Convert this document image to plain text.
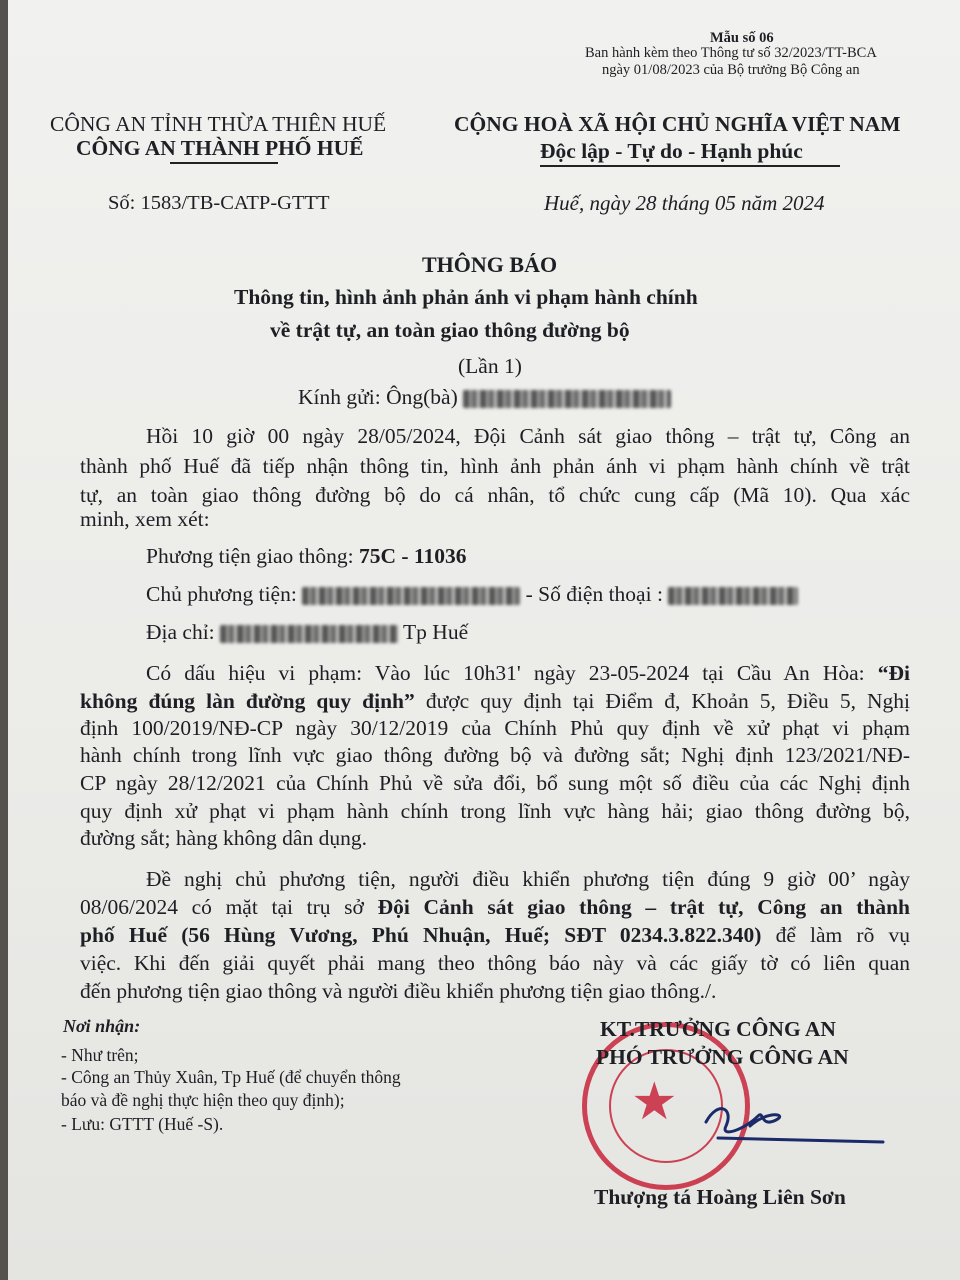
Mẫu số 06
Ban hành kèm theo Thông tư số 32/2023/TT-BCA
ngày 01/08/2023 của Bộ trưởng Bộ Công an
CÔNG AN TỈNH THỪA THIÊN HUẾ
CÔNG AN THÀNH PHỐ HUẾ
Số: 1583/TB-CATP-GTTT
CỘNG HOÀ XÃ HỘI CHỦ NGHĨA VIỆT NAM
Độc lập - Tự do - Hạnh phúc
Huế, ngày 28 tháng 05 năm 2024
THÔNG BÁO
Thông tin, hình ảnh phản ánh vi phạm hành chính
về trật tự, an toàn giao thông đường bộ
(Lần 1)
Kính gửi: Ông(bà)
Hồi 10 giờ 00 ngày 28/05/2024, Đội Cảnh sát giao thông – trật tự, Công an
thành phố Huế đã tiếp nhận thông tin, hình ảnh phản ánh vi phạm hành chính về trật
tự, an toàn giao thông đường bộ do cá nhân, tổ chức cung cấp (Mã 10). Qua xác
minh, xem xét:
Phương tiện giao thông: 75C - 11036
Chủ phương tiện:	- Số điện thoại :
Địa chỉ:	Tp Huế
Có dấu hiệu vi phạm: Vào lúc 10h31' ngày 23-05-2024 tại Cầu An Hòa: “Đi
không đúng làn đường quy định” được quy định tại Điểm đ, Khoản 5, Điều 5, Nghị
định 100/2019/NĐ-CP ngày 30/12/2019 của Chính Phủ quy định về xử phạt vi phạm
hành chính trong lĩnh vực giao thông đường bộ và đường sắt; Nghị định 123/2021/NĐ-
CP ngày 28/12/2021 của Chính Phủ về sửa đổi, bổ sung một số điều của các Nghị định
quy định xử phạt vi phạm hành chính trong lĩnh vực hàng hải; giao thông đường bộ,
đường sắt; hàng không dân dụng.
Đề nghị chủ phương tiện, người điều khiển phương tiện đúng 9 giờ 00’ ngày
08/06/2024 có mặt tại trụ sở Đội Cảnh sát giao thông – trật tự, Công an thành
phố Huế (56 Hùng Vương, Phú Nhuận, Huế; SĐT 0234.3.822.340) để làm rõ vụ
việc. Khi đến giải quyết phải mang theo thông báo này và các giấy tờ có liên quan
đến phương tiện giao thông và người điều khiển phương tiện giao thông./.
Nơi nhận:
- Như trên;
- Công an Thủy Xuân, Tp Huế (để chuyển thông
báo và đề nghị thực hiện theo quy định);
- Lưu: GTTT (Huế -S).	★
KT.TRƯỞNG CÔNG AN
PHÓ TRƯỞNG CÔNG AN
Thượng tá Hoàng Liên Sơn
